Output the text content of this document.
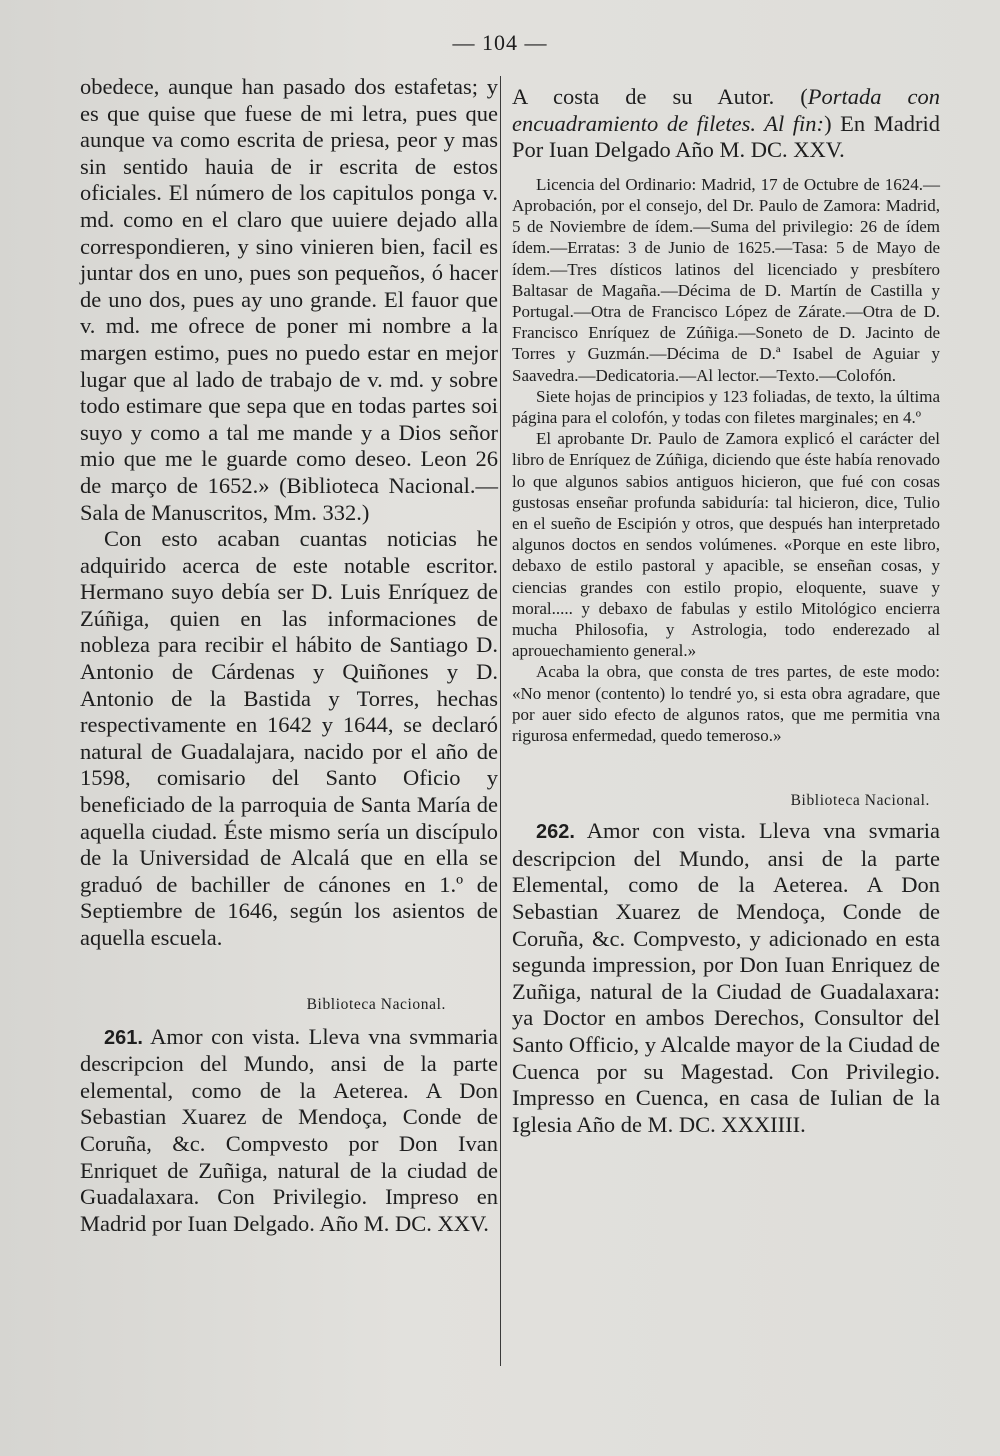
— 104 —

obedece, aunque han pasado dos estafetas; y es que quise que fuese de mi letra, pues que aunque va como escrita de priesa, peor y mas sin sentido hauia de ir escrita de estos oficiales. El número de los capitulos ponga v. md. como en el claro que uuiere dejado alla correspondieren, y sino vinieren bien, facil es juntar dos en uno, pues son pequeños, ó hacer de uno dos, pues ay uno grande. El fauor que v. md. me ofrece de poner mi nombre a la margen estimo, pues no puedo estar en mejor lugar que al lado de trabajo de v. md. y sobre todo estimare que sepa que en todas partes soi suyo y como a tal me mande y a Dios señor mio que me le guarde como deseo. Leon 26 de março de 1652.» (Biblioteca Nacional.—Sala de Manuscritos, Mm. 332.)

Con esto acaban cuantas noticias he adquirido acerca de este notable escritor. Hermano suyo debía ser D. Luis Enríquez de Zúñiga, quien en las informaciones de nobleza para recibir el hábito de Santiago D. Antonio de Cárdenas y Quiñones y D. Antonio de la Bastida y Torres, hechas respectivamente en 1642 y 1644, se declaró natural de Guadalajara, nacido por el año de 1598, comisario del Santo Oficio y beneficiado de la parroquia de Santa María de aquella ciudad. Éste mismo sería un discípulo de la Universidad de Alcalá que en ella se graduó de bachiller de cánones en 1.º de Septiembre de 1646, según los asientos de aquella escuela.

Biblioteca Nacional.

261. Amor con vista. Lleva vna svmmaria descripcion del Mundo, ansi de la parte elemental, como de la Aeterea. A Don Sebastian Xuarez de Mendoça, Conde de Coruña, &c. Compvesto por Don Ivan Enriquet de Zuñiga, natural de la ciudad de Guadalaxara. Con Privilegio. Impreso en Madrid por Iuan Delgado. Año M. DC. XXV.

A costa de su Autor. (Portada con encuadramiento de filetes. Al fin:) En Madrid Por Iuan Delgado Año M. DC. XXV.

Licencia del Ordinario: Madrid, 17 de Octubre de 1624.—Aprobación, por el consejo, del Dr. Paulo de Zamora: Madrid, 5 de Noviembre de ídem.—Suma del privilegio: 26 de ídem ídem.—Erratas: 3 de Junio de 1625.—Tasa: 5 de Mayo de ídem.—Tres dísticos latinos del licenciado y presbítero Baltasar de Magaña.—Décima de D. Martín de Castilla y Portugal.—Otra de Francisco López de Zárate.—Otra de D. Francisco Enríquez de Zúñiga.—Soneto de D. Jacinto de Torres y Guzmán.—Décima de D.ª Isabel de Aguiar y Saavedra.—Dedicatoria.—Al lector.—Texto.—Colofón.

Siete hojas de principios y 123 foliadas, de texto, la última página para el colofón, y todas con filetes marginales; en 4.º

El aprobante Dr. Paulo de Zamora explicó el carácter del libro de Enríquez de Zúñiga, diciendo que éste había renovado lo que algunos sabios antiguos hicieron, que fué con cosas gustosas enseñar profunda sabiduría: tal hicieron, dice, Tulio en el sueño de Escipión y otros, que después han interpretado algunos doctos en sendos volúmenes. «Porque en este libro, debaxo de estilo pastoral y apacible, se enseñan cosas, y ciencias grandes con estilo propio, eloquente, suave y moral..... y debaxo de fabulas y estilo Mitológico encierra mucha Philosofia, y Astrologia, todo enderezado al aprouechamiento general.»

Acaba la obra, que consta de tres partes, de este modo: «No menor (contento) lo tendré yo, si esta obra agradare, que por auer sido efecto de algunos ratos, que me permitia vna rigurosa enfermedad, quedo temeroso.»

Biblioteca Nacional.

262. Amor con vista. Lleva vna svmaria descripcion del Mundo, ansi de la parte Elemental, como de la Aeterea. A Don Sebastian Xuarez de Mendoça, Conde de Coruña, &c. Compvesto, y adicionado en esta segunda impression, por Don Iuan Enriquez de Zuñiga, natural de la Ciudad de Guadalaxara: ya Doctor en ambos Derechos, Consultor del Santo Officio, y Alcalde mayor de la Ciudad de Cuenca por su Magestad. Con Privilegio. Impresso en Cuenca, en casa de Iulian de la Iglesia Año de M. DC. XXXIIII.
